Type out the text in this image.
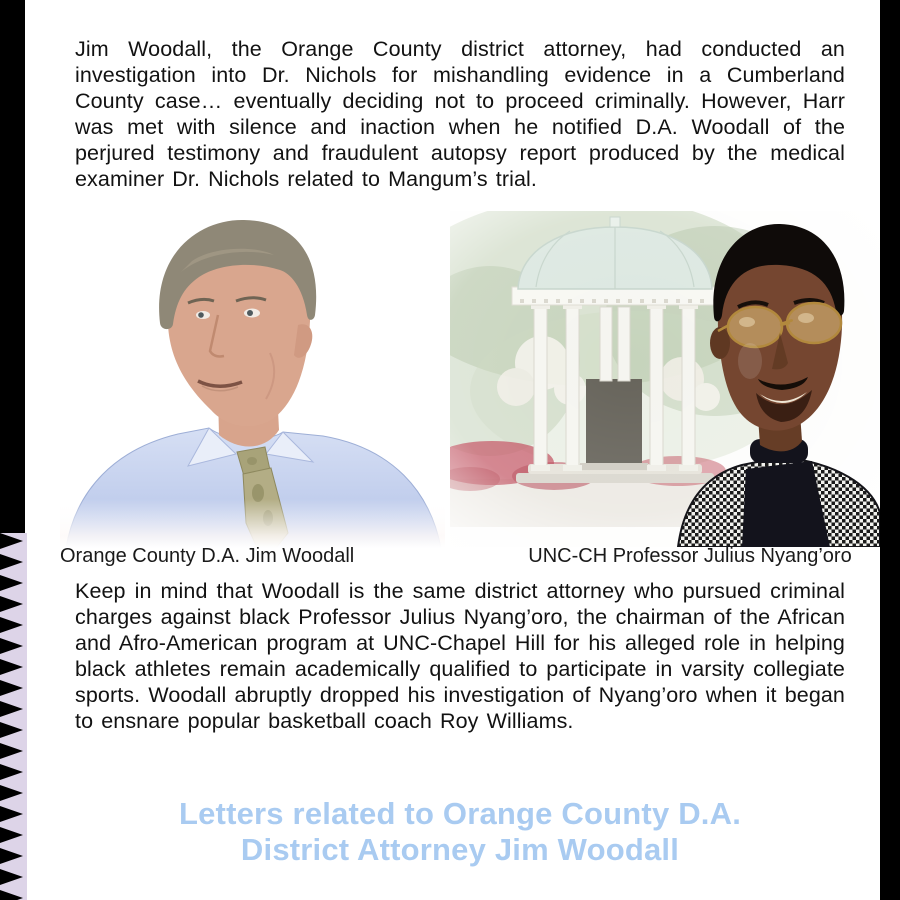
Jim Woodall, the Orange County district attorney, had conducted an investigation into Dr. Nichols for mishandling evidence in a Cumberland County case… eventually deciding not to proceed criminally. However, Harr was met with silence and inaction when he notified D.A. Woodall of the perjured testimony and fraudulent autopsy report produced by the medical examiner Dr. Nichols related to Mangum’s trial.
Orange County D.A. Jim Woodall	UNC-CH Professor Julius Nyang’oro
Keep in mind that Woodall is the same district attorney who pursued criminal charges against black Professor Julius Nyang’oro, the chairman of the African and Afro-American program at UNC-Chapel Hill for his alleged role in helping black athletes remain academically qualified to participate in varsity collegiate sports. Woodall abruptly dropped his investigation of Nyang’oro when it began to ensnare popular basketball coach Roy Williams.
Letters related to Orange County D.A.
District Attorney Jim Woodall
